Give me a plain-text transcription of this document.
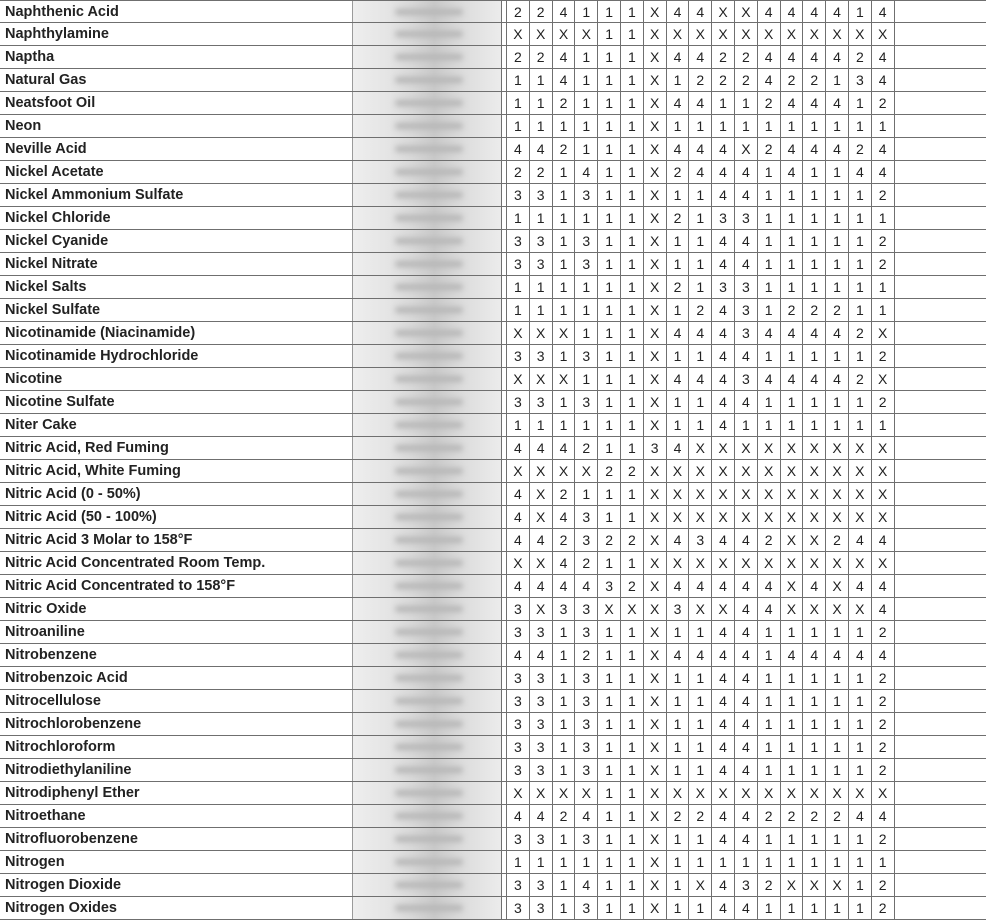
Naphthenic Acid	2	2	4	1	1	1	X	4	4	X X	4	4	4	4	1	4
Naphthylamine	X X X X	1	1	X X X X X X X X X X X
Naptha	2	2	4	1	1	1	X	4	4	2	2	4	4	4	4	2	4
Natural Gas	1	1	4	1	1	1	X	1	2	2	2	4	2	2	1	3	4
Neatsfoot Oil	1	1	2	1	1	1	X	4	4	1	1	2	4	4	4	1	2
Neon	1	1	1	1	1	1	X	1	1	1	1	1	1	1	1	1	1
Neville Acid	4	4	2	1	1	1	X	4	4	4	X	2	4	4	4	2	4
Nickel Acetate	2	2	1	4	1	1	X	2	4	4	4	1	4	1	1	4	4
Nickel Ammonium Sulfate	3	3	1	3	1	1	X	1	1	4	4	1	1	1	1	1	2
Nickel Chloride	1	1	1	1	1	1	X	2	1	3	3	1	1	1	1	1	1
Nickel Cyanide	3	3	1	3	1	1	X	1	1	4	4	1	1	1	1	1	2
Nickel Nitrate	3	3	1	3	1	1	X	1	1	4	4	1	1	1	1	1	2
Nickel Salts	1	1	1	1	1	1	X	2	1	3	3	1	1	1	1	1	1
Nickel Sulfate	1	1	1	1	1	1	X	1	2	4	3	1	2	2	2	1	1
Nicotinamide (Niacinamide)	X X X	1	1	1	X	4	4	4	3	4	4	4	4	2	X
Nicotinamide Hydrochloride	3	3	1	3	1	1	X	1	1	4	4	1	1	1	1	1	2
Nicotine	X X X	1	1	1	X	4	4	4	3	4	4	4	4	2	X
Nicotine Sulfate	3	3	1	3	1	1	X	1	1	4	4	1	1	1	1	1	2
Niter Cake	1	1	1	1	1	1	X	1	1	4	1	1	1	1	1	1	1
Nitric Acid, Red Fuming	4	4	4	2	1	1	3	4	X X X X X X X X X
Nitric Acid, White Fuming	X X X X	2	2	X X X X X X X X X X X
Nitric Acid (0 - 50%)	4	X	2	1	1	1	X X X X X X X X X X X
Nitric Acid (50 - 100%)	4	X	4	3	1	1	X X X X X X X X X X X
Nitric Acid 3 Molar to 158°F	4	4	2	3	2	2	X	4	3	4	4	2	X X	2	4	4
Nitric Acid Concentrated Room Temp.	X X	4	2	1	1	X X X X X X X X X X X
Nitric Acid Concentrated to 158°F	4	4	4	4	3	2	X	4	4	4	4	4	X	4	X	4	4
Nitric Oxide	3	X	3	3	X X X	3	X X	4	4	X X X X	4
Nitroaniline	3	3	1	3	1	1	X	1	1	4	4	1	1	1	1	1	2
Nitrobenzene	4	4	1	2	1	1	X	4	4	4	4	1	4	4	4	4	4
Nitrobenzoic Acid	3	3	1	3	1	1	X	1	1	4	4	1	1	1	1	1	2
Nitrocellulose	3	3	1	3	1	1	X	1	1	4	4	1	1	1	1	1	2
Nitrochlorobenzene	3	3	1	3	1	1	X	1	1	4	4	1	1	1	1	1	2
Nitrochloroform	3	3	1	3	1	1	X	1	1	4	4	1	1	1	1	1	2
Nitrodiethylaniline	3	3	1	3	1	1	X	1	1	4	4	1	1	1	1	1	2
Nitrodiphenyl Ether	X X X X	1	1	X X X X X X X X X X X
Nitroethane	4	4	2	4	1	1	X	2	2	4	4	2	2	2	2	4	4
Nitrofluorobenzene	3	3	1	3	1	1	X	1	1	4	4	1	1	1	1	1	2
Nitrogen	1	1	1	1	1	1	X	1	1	1	1	1	1	1	1	1	1
Nitrogen Dioxide	3	3	1	4	1	1	X	1	X	4	3	2	X X X	1	2
Nitrogen Oxides	3	3	1	3	1	1	X	1	1	4	4	1	1	1	1	1	2
